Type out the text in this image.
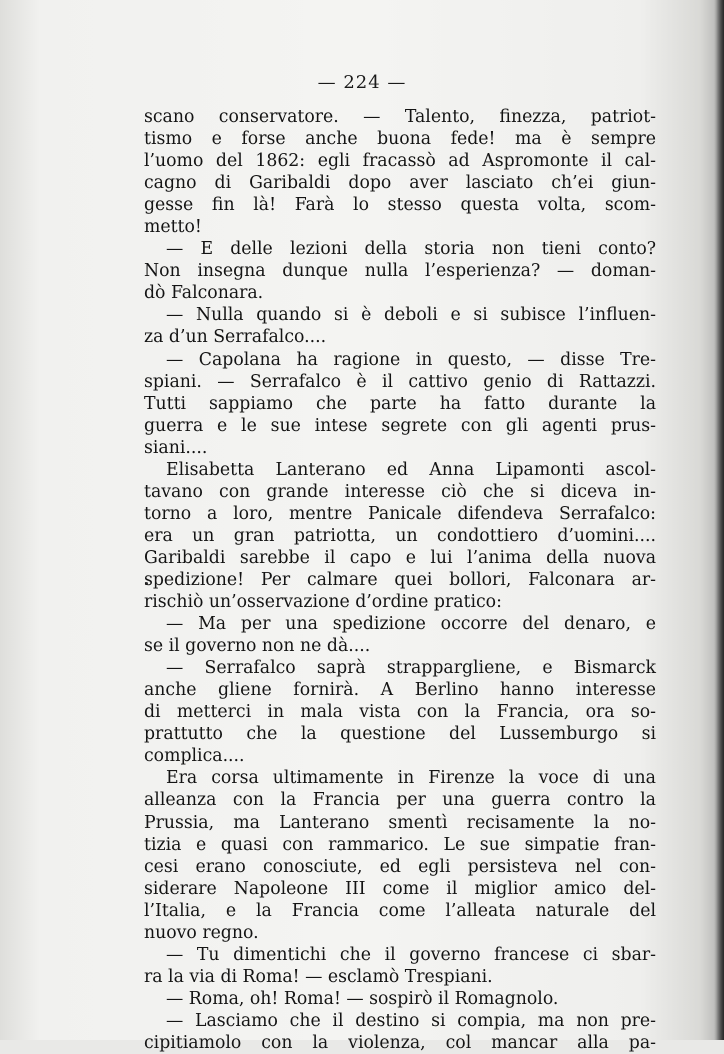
— 224 —
scano conservatore. — Talento, finezza, patriot-
tismo e forse anche buona fede! ma è sempre
l’uomo del 1862: egli fracassò ad Aspromonte il cal-
cagno di Garibaldi dopo aver lasciato ch’ei giun-
gesse fin là! Farà lo stesso questa volta, scom-
metto!
— E delle lezioni della storia non tieni conto?
Non insegna dunque nulla l’esperienza? — doman-
dò Falconara.
— Nulla quando si è deboli e si subisce l’influen-
za d’un Serrafalco....
— Capolana ha ragione in questo, — disse Tre-
spiani. — Serrafalco è il cattivo genio di Rattazzi.
Tutti sappiamo che parte ha fatto durante la
guerra e le sue intese segrete con gli agenti prus-
siani....
Elisabetta Lanterano ed Anna Lipamonti ascol-
tavano con grande interesse ciò che si diceva in-
torno a loro, mentre Panicale difendeva Serrafalco:
era un gran patriotta, un condottiero d’uomini....
Garibaldi sarebbe il capo e lui l’anima della nuova
spedizione! Per calmare quei bollori, Falconara ar-
rischiò un’osservazione d’ordine pratico:
— Ma per una spedizione occorre del denaro, e
se il governo non ne dà....
— Serrafalco saprà strappargliene, e Bismarck
anche gliene fornirà. A Berlino hanno interesse
di metterci in mala vista con la Francia, ora so-
prattutto che la questione del Lussemburgo si
complica....
Era corsa ultimamente in Firenze la voce di una
alleanza con la Francia per una guerra contro la
Prussia, ma Lanterano smentì recisamente la no-
tizia e quasi con rammarico. Le sue simpatie fran-
cesi erano conosciute, ed egli persisteva nel con-
siderare Napoleone III come il miglior amico del-
l’Italia, e la Francia come l’alleata naturale del
nuovo regno.
— Tu dimentichi che il governo francese ci sbar-
ra la via di Roma! — esclamò Trespiani.
— Roma, oh! Roma! — sospirò il Romagnolo.
— Lasciamo che il destino si compia, ma non pre-
cipitiamolo con la violenza, col mancar alla pa-
